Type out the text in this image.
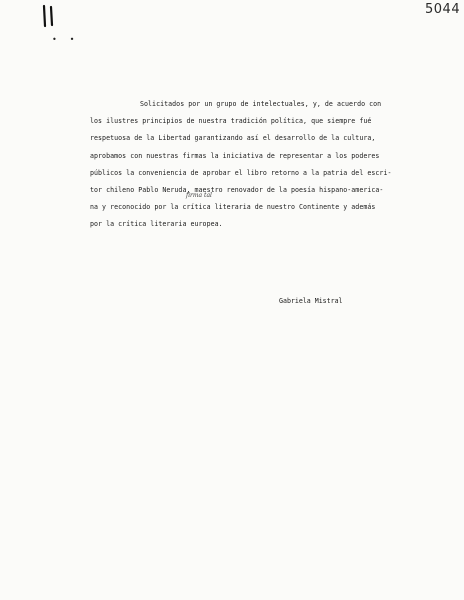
• •
5044
Solicitados por un grupo de intelectuales, y, de acuerdo con
los ilustres principios de nuestra tradición política, que siempre fué
respetuosa de la Libertad garantizando así el desarrollo de la cultura,
aprobamos con nuestras firmas la iniciativa de representar a los poderes
públicos la conveniencia de aprobar el libro retorno a la patria del escri-
tor chileno Pablo Neruda, maestro renovador de la poesía hispano-america-
na y reconocido por la crítica literaria de nuestro Continente y además
por la crítica literaria europea.
firma tal
Gabriela Mistral
